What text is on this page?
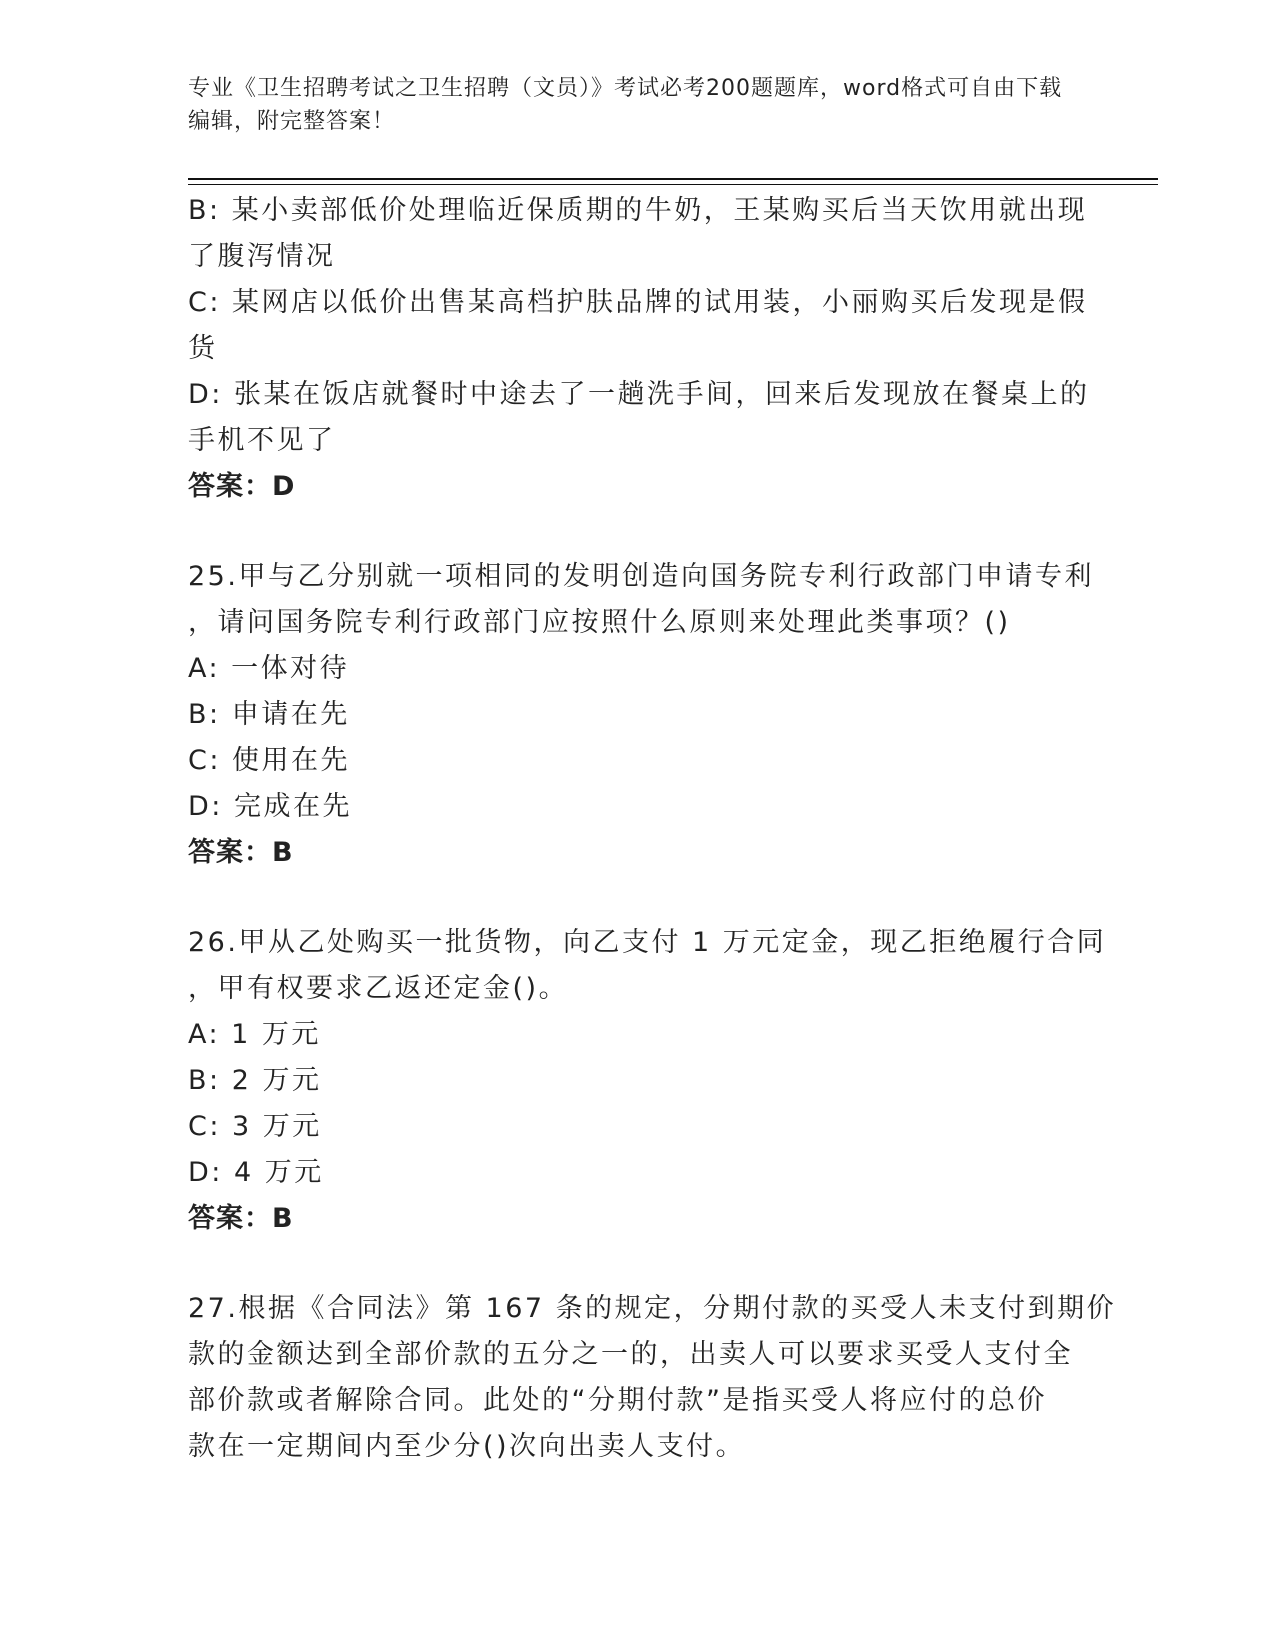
专业《卫生招聘考试之卫生招聘（文员）》考试必考200题题库，word格式可自由下载编辑，附完整答案！
B: 某小卖部低价处理临近保质期的牛奶，王某购买后当天饮用就出现
了腹泻情况
C: 某网店以低价出售某高档护肤品牌的试用装，小丽购买后发现是假
货
D: 张某在饭店就餐时中途去了一趟洗手间，回来后发现放在餐桌上的
手机不见了
答案：D
25.甲与乙分别就一项相同的发明创造向国务院专利行政部门申请专利
，请问国务院专利行政部门应按照什么原则来处理此类事项？()
A: 一体对待
B: 申请在先
C: 使用在先
D: 完成在先
答案：B
26.甲从乙处购买一批货物，向乙支付 1 万元定金，现乙拒绝履行合同
，甲有权要求乙返还定金()。
A: 1 万元
B: 2 万元
C: 3 万元
D: 4 万元
答案：B
27.根据《合同法》第 167 条的规定，分期付款的买受人未支付到期价
款的金额达到全部价款的五分之一的，出卖人可以要求买受人支付全
部价款或者解除合同。此处的“分期付款”是指买受人将应付的总价
款在一定期间内至少分()次向出卖人支付。
